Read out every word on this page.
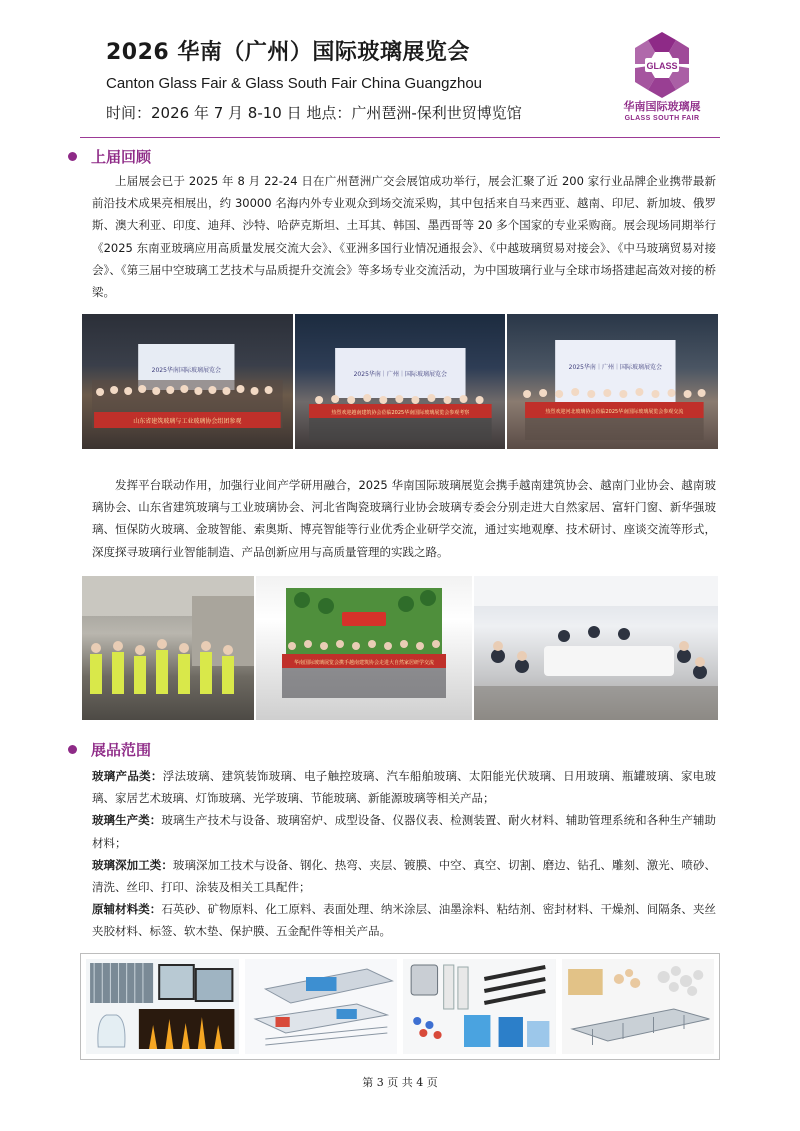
2026 华南（广州）国际玻璃展览会
Canton Glass Fair & Glass South Fair China Guangzhou
时间：2026 年 7 月 8-10 日 地点：广州琶洲-保利世贸博览馆
GLASS
华南国际玻璃展
GLASS SOUTH FAIR
上届回顾

上届展会已于 2025 年 8 月 22-24 日在广州琶洲广交会展馆成功举行，展会汇聚了近 200 家行业品牌企业携带最新前沿技术成果亮相展出，约 30000 名海内外专业观众到场交流采购，其中包括来自马来西亚、越南、印尼、新加坡、俄罗斯、澳大利亚、印度、迪拜、沙特、哈萨克斯坦、土耳其、韩国、墨西哥等 20 多个国家的专业采购商。展会现场同期举行《2025 东南亚玻璃应用高质量发展交流大会》、《亚洲多国行业情况通报会》、《中越玻璃贸易对接会》、《中马玻璃贸易对接会》、《第三届中空玻璃工艺技术与品质提升交流会》等多场专业交流活动，为中国玻璃行业与全球市场搭建起高效对接的桥梁。

2025华南国际玻璃展览会
山东省建筑玻璃与工业玻璃协会组团参观
2025华南｜广州｜国际玻璃展览会
热烈欢迎越南建筑协会莅临2025华南国际玻璃展览会参观考察
2025华南｜广州｜国际玻璃展览会
热烈欢迎河北玻璃协会莅临2025华南国际玻璃展览会参观交流

发挥平台联动作用，加强行业间产学研用融合，2025 华南国际玻璃展览会携手越南建筑协会、越南门业协会、越南玻璃协会、山东省建筑玻璃与工业玻璃协会、河北省陶瓷玻璃行业协会玻璃专委会分别走进大自然家居、富轩门窗、新华强玻璃、恒保防火玻璃、金玻智能、索奥斯、博亮智能等行业优秀企业研学交流，通过实地观摩、技术研讨、座谈交流等形式，深度探寻玻璃行业智能制造、产品创新应用与高质量管理的实践之路。

华南国际玻璃展览会携手越南建筑协会走进大自然家居研学交流
展品范围
玻璃产品类：浮法玻璃、建筑装饰玻璃、电子触控玻璃、汽车船舶玻璃、太阳能光伏玻璃、日用玻璃、瓶罐玻璃、家电玻璃、家居艺术玻璃、灯饰玻璃、光学玻璃、节能玻璃、新能源玻璃等相关产品；
玻璃生产类：玻璃生产技术与设备、玻璃窑炉、成型设备、仪器仪表、检测装置、耐火材料、辅助管理系统和各种生产辅助材料；
玻璃深加工类：玻璃深加工技术与设备、钢化、热弯、夹层、镀膜、中空、真空、切割、磨边、钻孔、雕刻、激光、喷砂、清洗、丝印、打印、涂装及相关工具配件；
原辅材料类：石英砂、矿物原料、化工原料、表面处理、纳米涂层、油墨涂料、粘结剂、密封材料、干燥剂、间隔条、夹丝夹胶材料、标签、软木垫、保护膜、五金配件等相关产品。
第 3 页 共 4 页
